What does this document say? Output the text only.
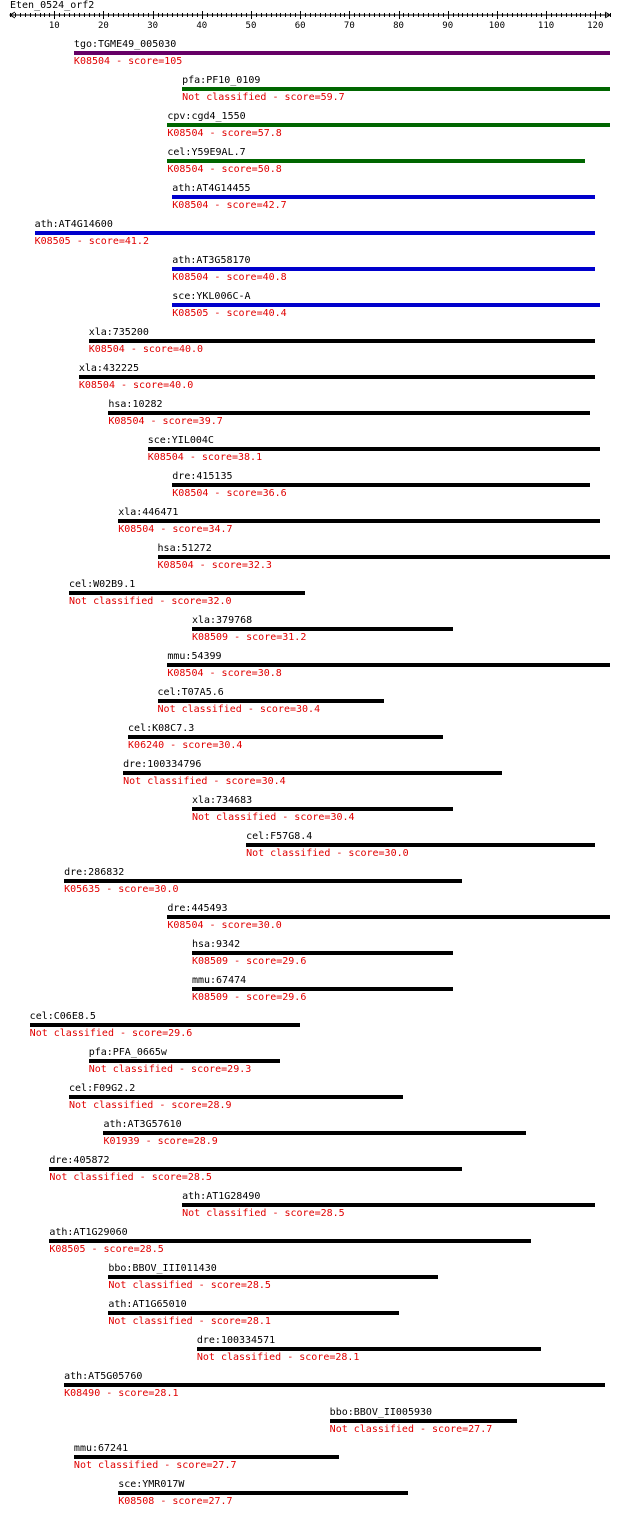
Eten_0524_orf2
10	20	30	40	50	60	70	80	90	100	110	120
tgo:TGME49_005030
K08504 - score=105
pfa:PF10_0109
Not classified - score=59.7
cpv:cgd4_1550
K08504 - score=57.8
cel:Y59E9AL.7
K08504 - score=50.8
ath:AT4G14455
K08504 - score=42.7
ath:AT4G14600
K08505 - score=41.2
ath:AT3G58170
K08504 - score=40.8
sce:YKL006C-A
K08505 - score=40.4
xla:735200
K08504 - score=40.0
xla:432225
K08504 - score=40.0
hsa:10282
K08504 - score=39.7
sce:YIL004C
K08504 - score=38.1
dre:415135
K08504 - score=36.6
xla:446471
K08504 - score=34.7
hsa:51272
K08504 - score=32.3
cel:W02B9.1
Not classified - score=32.0
xla:379768
K08509 - score=31.2
mmu:54399
K08504 - score=30.8
cel:T07A5.6
Not classified - score=30.4
cel:K08C7.3
K06240 - score=30.4
dre:100334796
Not classified - score=30.4
xla:734683
Not classified - score=30.4
cel:F57G8.4
Not classified - score=30.0
dre:286832
K05635 - score=30.0
dre:445493
K08504 - score=30.0
hsa:9342
K08509 - score=29.6
mmu:67474
K08509 - score=29.6
cel:C06E8.5
Not classified - score=29.6
pfa:PFA_0665w
Not classified - score=29.3
cel:F09G2.2
Not classified - score=28.9
ath:AT3G57610
K01939 - score=28.9
dre:405872
Not classified - score=28.5
ath:AT1G28490
Not classified - score=28.5
ath:AT1G29060
K08505 - score=28.5
bbo:BBOV_III011430
Not classified - score=28.5
ath:AT1G65010
Not classified - score=28.1
dre:100334571
Not classified - score=28.1
ath:AT5G05760
K08490 - score=28.1
bbo:BBOV_II005930
Not classified - score=27.7
mmu:67241
Not classified - score=27.7
sce:YMR017W
K08508 - score=27.7
